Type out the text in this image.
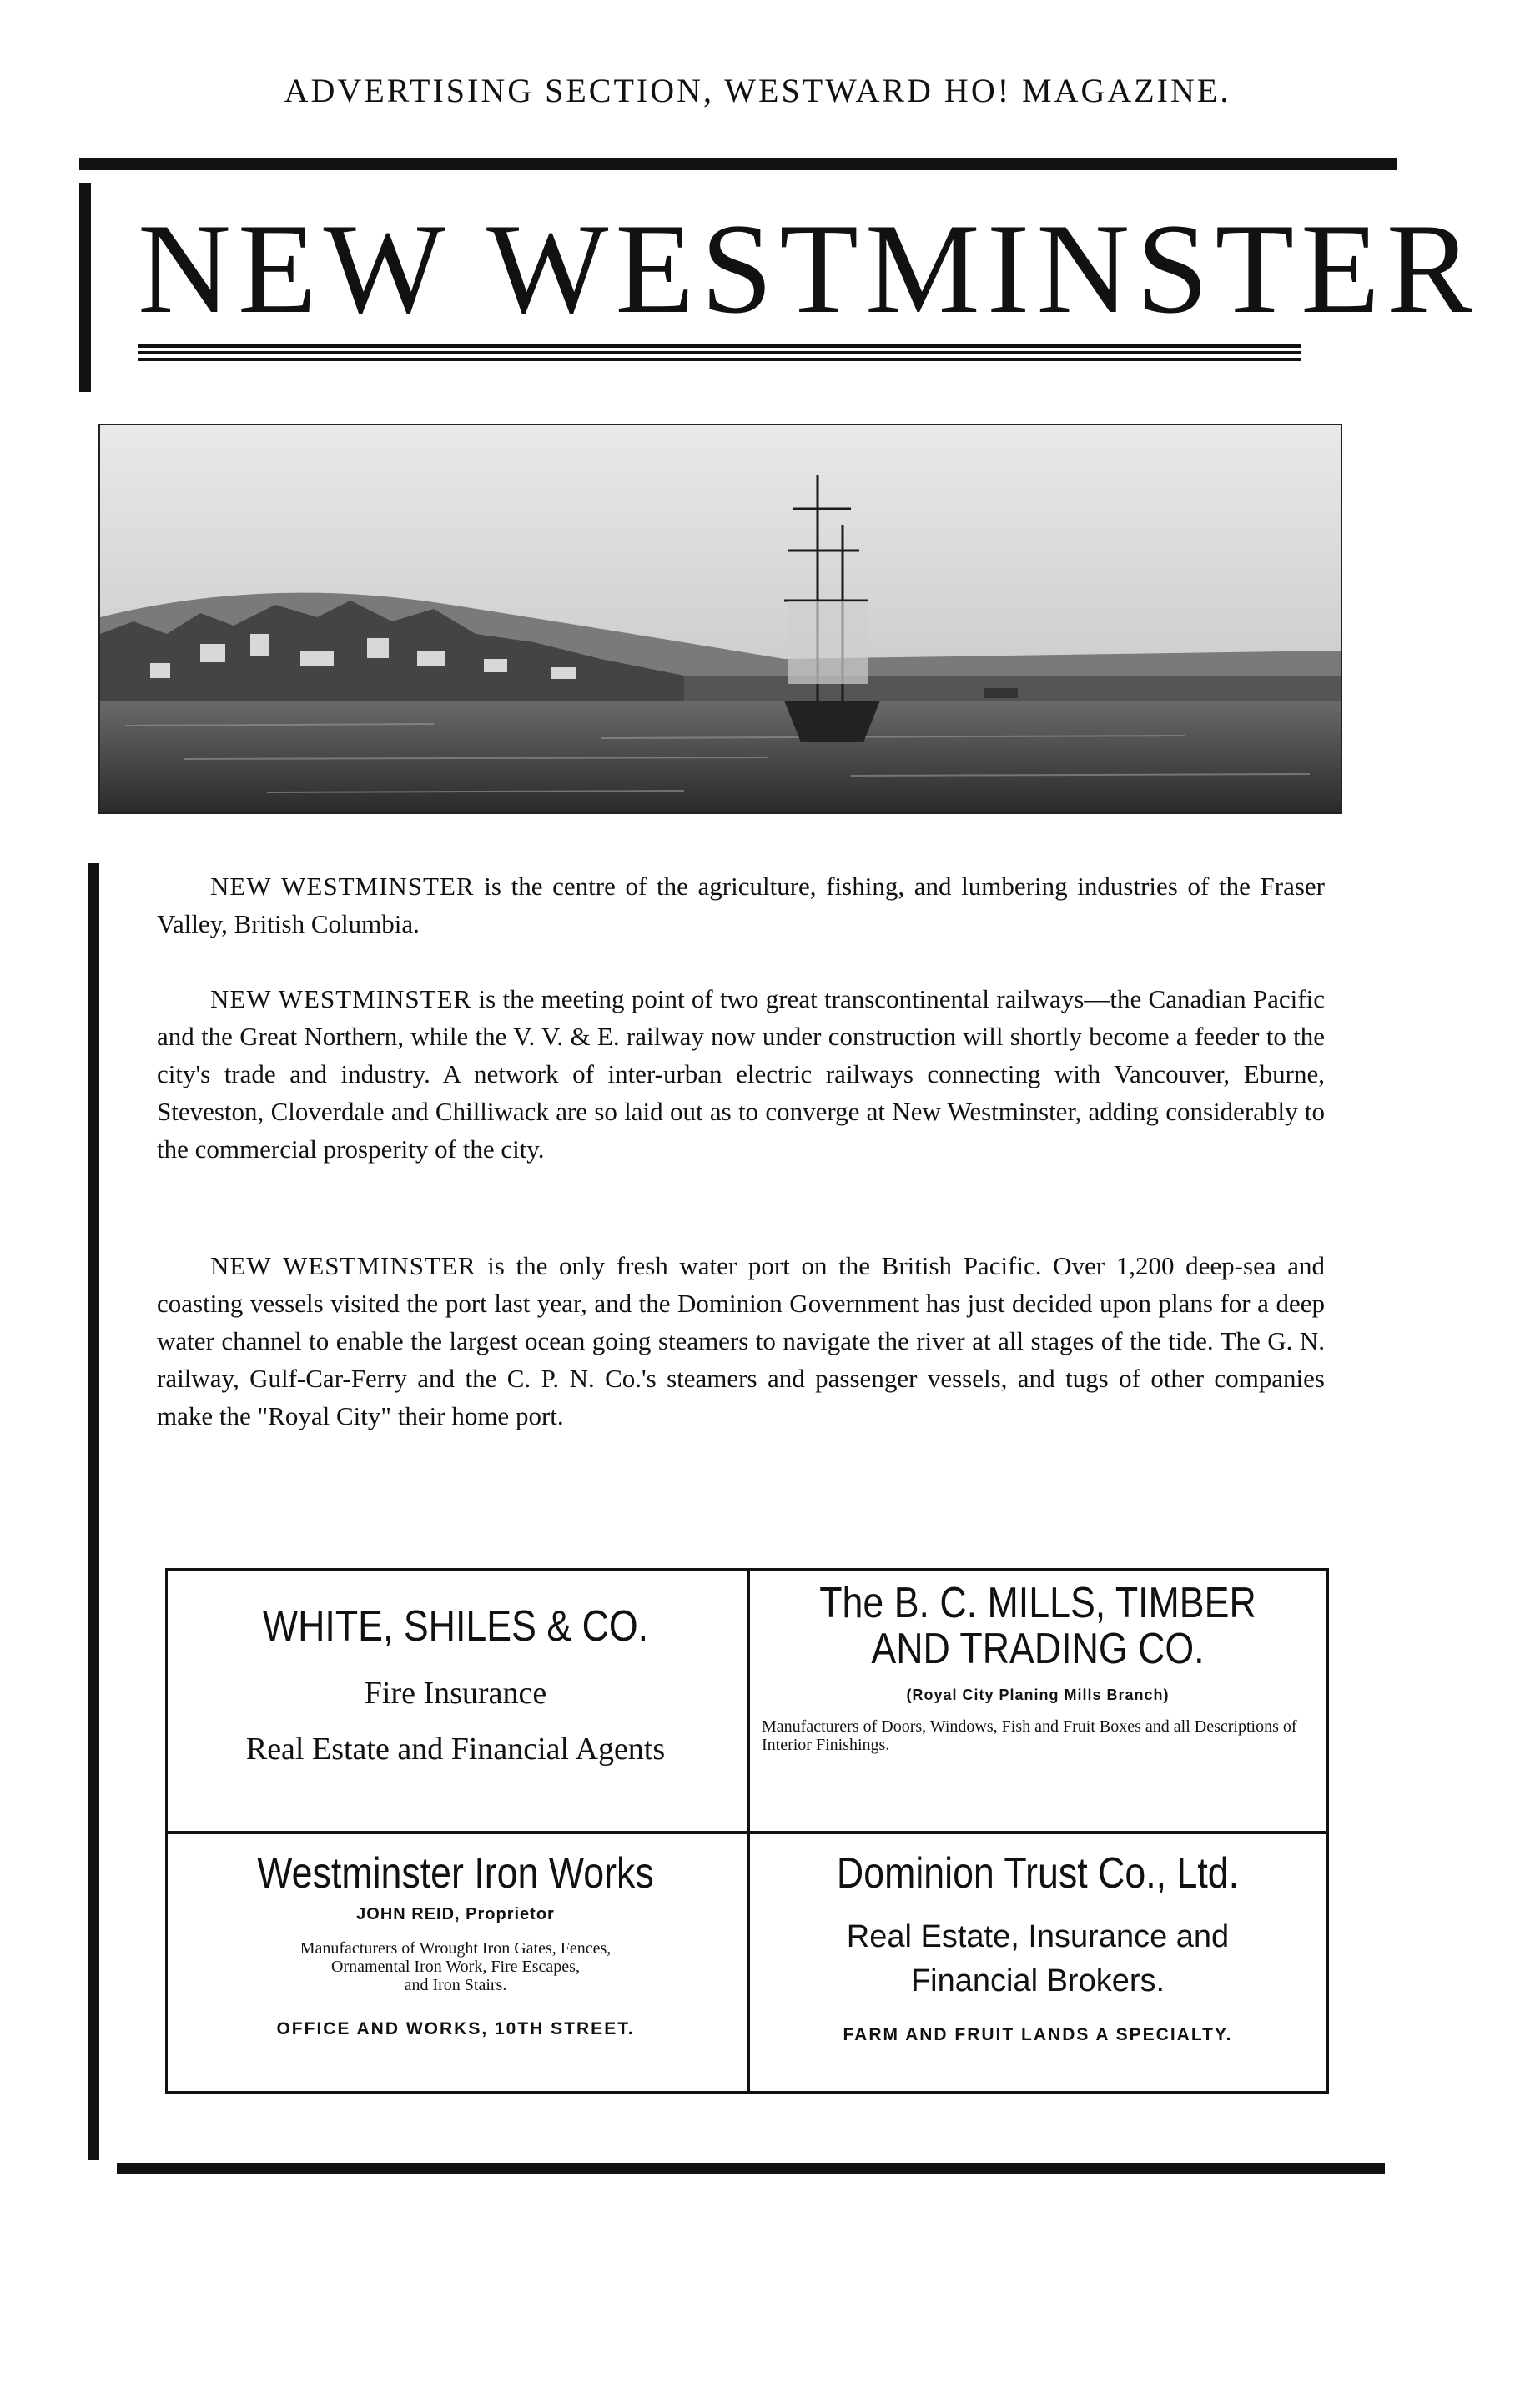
ADVERTISING SECTION, WESTWARD HO! MAGAZINE.
NEW WESTMINSTER
NEW WESTMINSTER is the centre of the agriculture, fishing, and lumbering industries of the Fraser Valley, British Columbia.
NEW WESTMINSTER is the meeting point of two great transcontinental railways—the Canadian Pacific and the Great Northern, while the V. V. & E. railway now under construction will shortly become a feeder to the city's trade and industry. A network of inter-urban electric railways connecting with Vancouver, Eburne, Steveston, Cloverdale and Chilliwack are so laid out as to converge at New Westminster, adding considerably to the commercial prosperity of the city.
NEW WESTMINSTER is the only fresh water port on the British Pacific. Over 1,200 deep-sea and coasting vessels visited the port last year, and the Dominion Government has just decided upon plans for a deep water channel to enable the largest ocean going steamers to navigate the river at all stages of the tide. The G. N. railway, Gulf-Car-Ferry and the C. P. N. Co.'s steamers and passenger vessels, and tugs of other companies make the "Royal City" their home port.
WHITE, SHILES & CO.
Fire Insurance
Real Estate and Financial Agents
The B. C. MILLS, TIMBER
AND TRADING CO.
(Royal City Planing Mills Branch)
Manufacturers of Doors, Windows, Fish and Fruit Boxes and all Descriptions of Interior Finishings.
Westminster Iron Works
JOHN REID, Proprietor
Manufacturers of Wrought Iron Gates, Fences,
Ornamental Iron Work, Fire Escapes,
and Iron Stairs.
OFFICE AND WORKS, 10TH STREET.
Dominion Trust Co., Ltd.
Real Estate, Insurance and
Financial Brokers.
FARM AND FRUIT LANDS A SPECIALTY.
